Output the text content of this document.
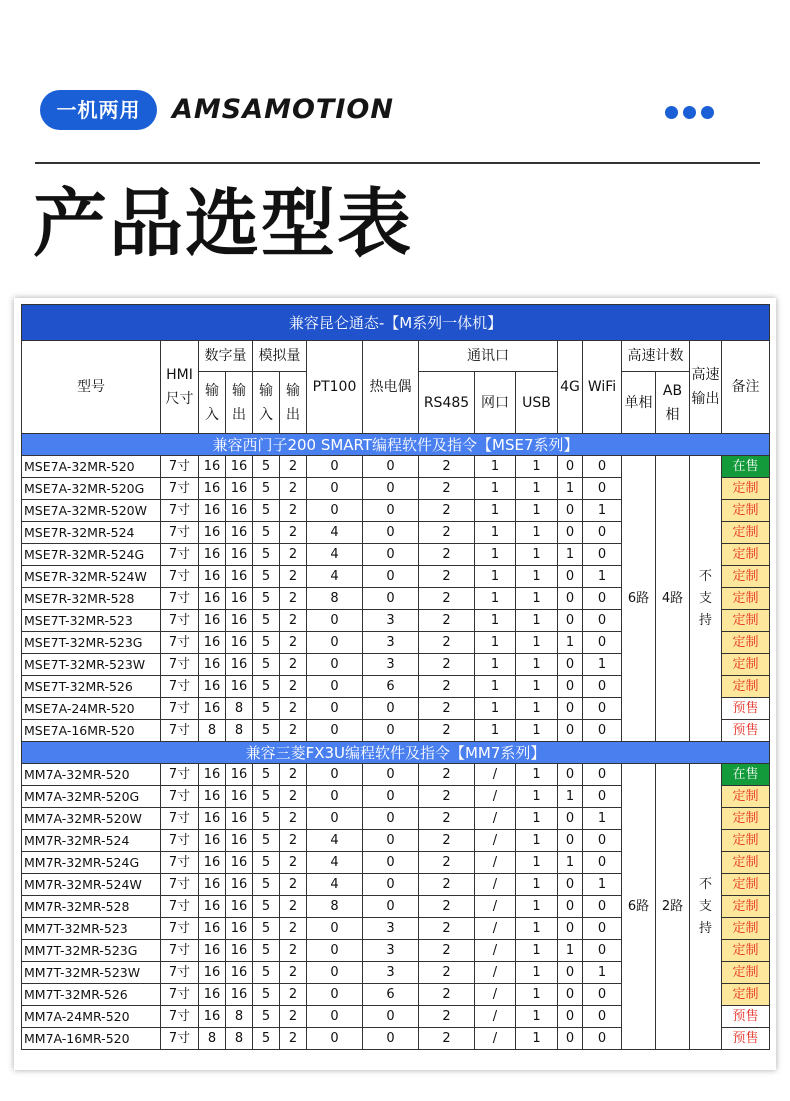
一机两用	AMSAMOTION
产品选型表
兼容昆仑通态-【M系列一体机】																
型号	HMI尺寸	数字量		模拟量		PT100	热电偶	通讯口			4G	WiFi	高速计数		高速输出	备注
		输入	输出	输入	输出			RS485	网口	USB			单相	AB相		
兼容西门子200 SMART编程软件及指令【MSE7系列】																
MSE7A-32MR-520	7寸	16	16	5	2	0	0	2	1	1	0	0	6路	4路	不支持	在售
MSE7A-32MR-520G	7寸	16	16	5	2	0	0	2	1	1	1	0				定制
MSE7A-32MR-520W	7寸	16	16	5	2	0	0	2	1	1	0	1				定制
MSE7R-32MR-524	7寸	16	16	5	2	4	0	2	1	1	0	0				定制
MSE7R-32MR-524G	7寸	16	16	5	2	4	0	2	1	1	1	0				定制
MSE7R-32MR-524W	7寸	16	16	5	2	4	0	2	1	1	0	1				定制
MSE7R-32MR-528	7寸	16	16	5	2	8	0	2	1	1	0	0				定制
MSE7T-32MR-523	7寸	16	16	5	2	0	3	2	1	1	0	0				定制
MSE7T-32MR-523G	7寸	16	16	5	2	0	3	2	1	1	1	0				定制
MSE7T-32MR-523W	7寸	16	16	5	2	0	3	2	1	1	0	1				定制
MSE7T-32MR-526	7寸	16	16	5	2	0	6	2	1	1	0	0				定制
MSE7A-24MR-520	7寸	16	8	5	2	0	0	2	1	1	0	0				预售
MSE7A-16MR-520	7寸	8	8	5	2	0	0	2	1	1	0	0				预售
兼容三菱FX3U编程软件及指令【MM7系列】																
MM7A-32MR-520	7寸	16	16	5	2	0	0	2	/	1	0	0	6路	2路	不支持	在售
MM7A-32MR-520G	7寸	16	16	5	2	0	0	2	/	1	1	0				定制
MM7A-32MR-520W	7寸	16	16	5	2	0	0	2	/	1	0	1				定制
MM7R-32MR-524	7寸	16	16	5	2	4	0	2	/	1	0	0				定制
MM7R-32MR-524G	7寸	16	16	5	2	4	0	2	/	1	1	0				定制
MM7R-32MR-524W	7寸	16	16	5	2	4	0	2	/	1	0	1				定制
MM7R-32MR-528	7寸	16	16	5	2	8	0	2	/	1	0	0				定制
MM7T-32MR-523	7寸	16	16	5	2	0	3	2	/	1	0	0				定制
MM7T-32MR-523G	7寸	16	16	5	2	0	3	2	/	1	1	0				定制
MM7T-32MR-523W	7寸	16	16	5	2	0	3	2	/	1	0	1				定制
MM7T-32MR-526	7寸	16	16	5	2	0	6	2	/	1	0	0				定制
MM7A-24MR-520	7寸	16	8	5	2	0	0	2	/	1	0	0				预售
MM7A-16MR-520	7寸	8	8	5	2	0	0	2	/	1	0	0				预售
